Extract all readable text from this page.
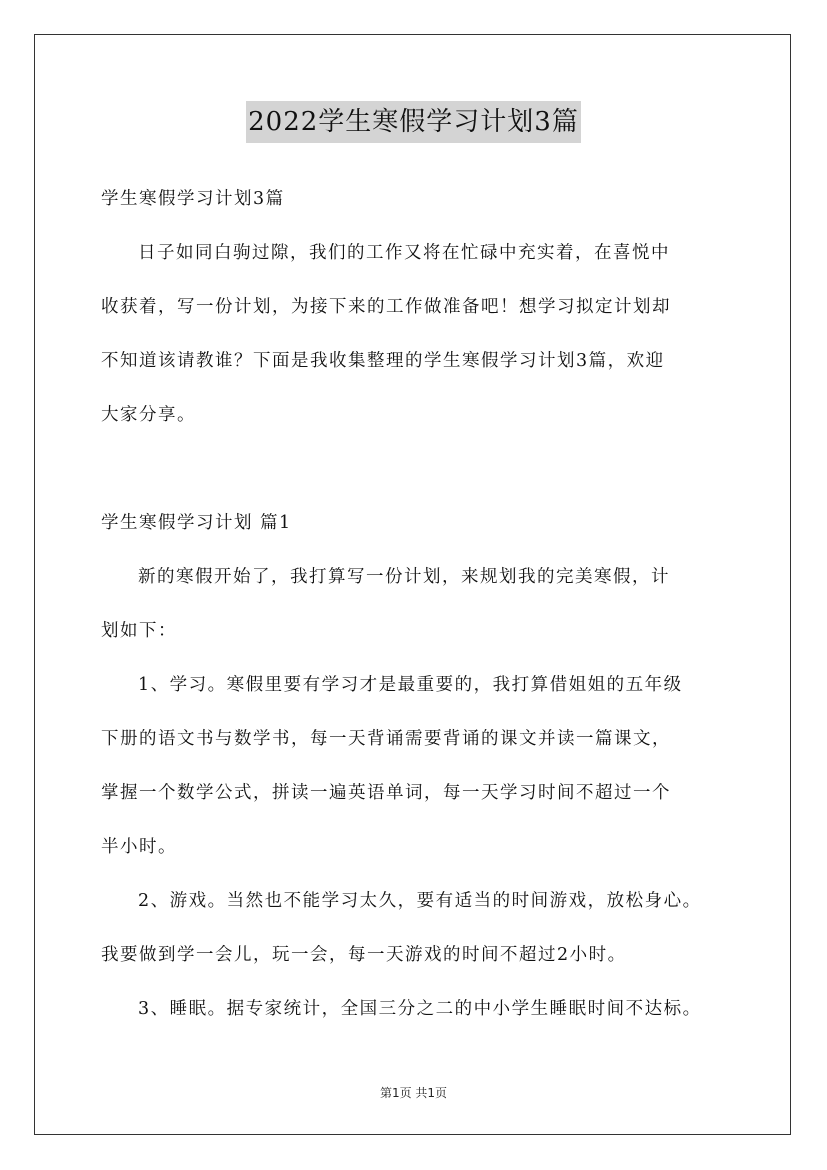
2022学生寒假学习计划3篇
学生寒假学习计划3篇
日子如同白驹过隙，我们的工作又将在忙碌中充实着，在喜悦中
收获着，写一份计划，为接下来的工作做准备吧！想学习拟定计划却
不知道该请教谁？下面是我收集整理的学生寒假学习计划3篇，欢迎
大家分享。
学生寒假学习计划 篇1
新的寒假开始了，我打算写一份计划，来规划我的完美寒假，计
划如下：
1、学习。寒假里要有学习才是最重要的，我打算借姐姐的五年级
下册的语文书与数学书，每一天背诵需要背诵的课文并读一篇课文，
掌握一个数学公式，拼读一遍英语单词，每一天学习时间不超过一个
半小时。
2、游戏。当然也不能学习太久，要有适当的时间游戏，放松身心。
我要做到学一会儿，玩一会，每一天游戏的时间不超过2小时。
3、睡眠。据专家统计，全国三分之二的中小学生睡眠时间不达标。
第1页 共1页
